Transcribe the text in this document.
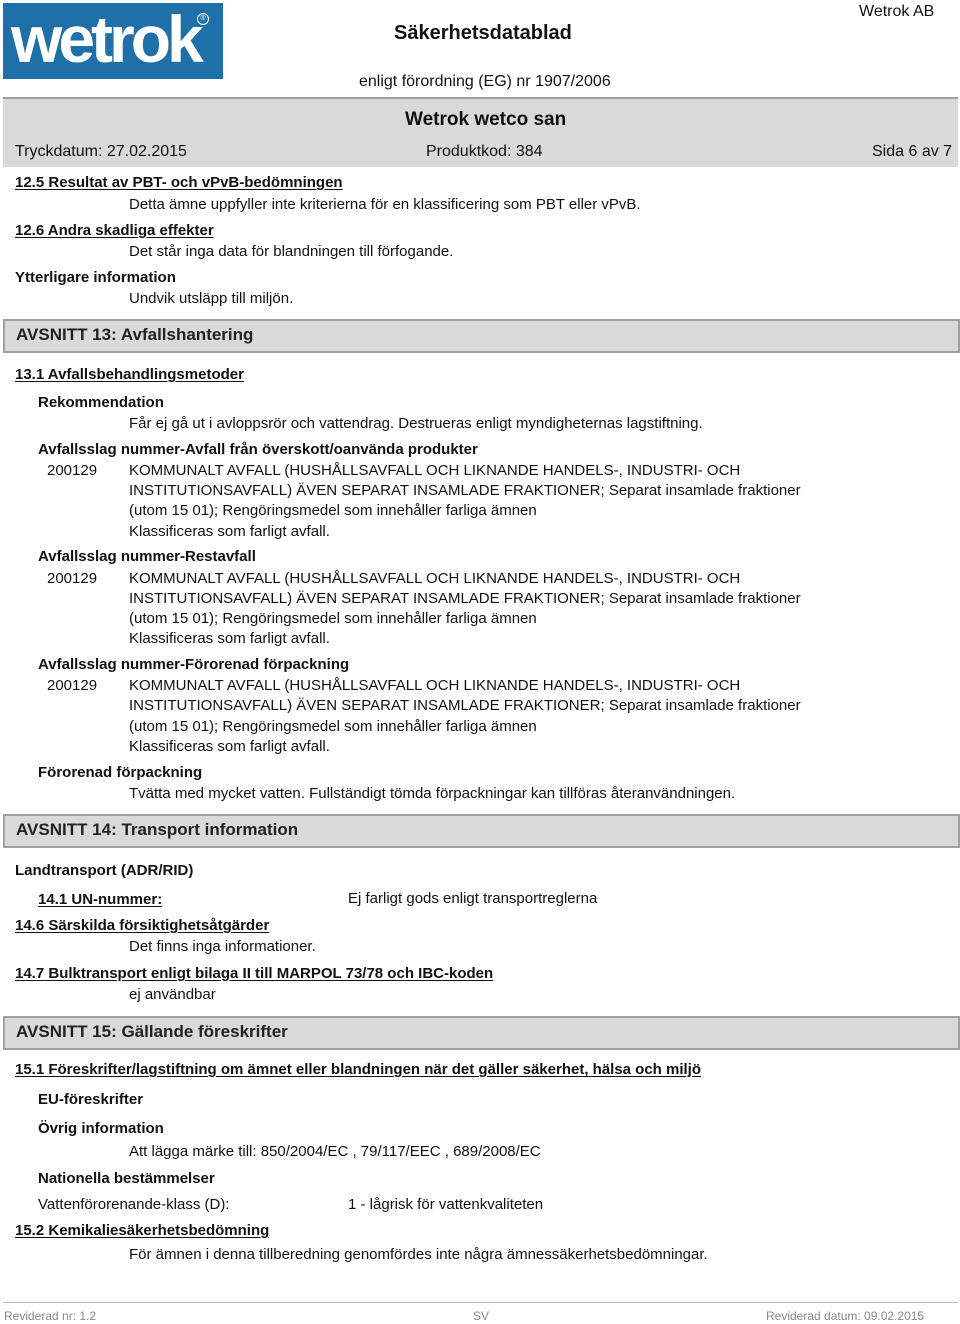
wetrok ®
Säkerhetsdatablad
Wetrok AB
enligt förordning (EG) nr 1907/2006
Wetrok wetco san
Tryckdatum: 27.02.2015	Produktkod: 384	Sida 6 av 7
12.5 Resultat av PBT- och vPvB-bedömningen
Detta ämne uppfyller inte kriterierna för en klassificering som PBT eller vPvB.
12.6 Andra skadliga effekter
Det står inga data för blandningen till förfogande.
Ytterligare information
Undvik utsläpp till miljön.
AVSNITT 13: Avfallshantering
13.1 Avfallsbehandlingsmetoder
Rekommendation
Får ej gå ut i avloppsrör och vattendrag. Destrueras enligt myndigheternas lagstiftning.
Avfallsslag nummer-Avfall från överskott/oanvända produkter
200129 KOMMUNALT AVFALL (HUSHÅLLSAVFALL OCH LIKNANDE HANDELS-, INDUSTRI- OCH
INSTITUTIONSAVFALL) ÄVEN SEPARAT INSAMLADE FRAKTIONER; Separat insamlade fraktioner
(utom 15 01); Rengöringsmedel som innehåller farliga ämnen
Klassificeras som farligt avfall.
Avfallsslag nummer-Restavfall
200129 KOMMUNALT AVFALL (HUSHÅLLSAVFALL OCH LIKNANDE HANDELS-, INDUSTRI- OCH
INSTITUTIONSAVFALL) ÄVEN SEPARAT INSAMLADE FRAKTIONER; Separat insamlade fraktioner
(utom 15 01); Rengöringsmedel som innehåller farliga ämnen
Klassificeras som farligt avfall.
Avfallsslag nummer-Förorenad förpackning
200129 KOMMUNALT AVFALL (HUSHÅLLSAVFALL OCH LIKNANDE HANDELS-, INDUSTRI- OCH
INSTITUTIONSAVFALL) ÄVEN SEPARAT INSAMLADE FRAKTIONER; Separat insamlade fraktioner
(utom 15 01); Rengöringsmedel som innehåller farliga ämnen
Klassificeras som farligt avfall.
Förorenad förpackning
Tvätta med mycket vatten. Fullständigt tömda förpackningar kan tillföras återanvändningen.
AVSNITT 14: Transport information
Landtransport (ADR/RID)
14.1 UN-nummer:	Ej farligt gods enligt transportreglerna
14.6 Särskilda försiktighetsåtgärder
Det finns inga informationer.
14.7 Bulktransport enligt bilaga II till MARPOL 73/78 och IBC-koden
ej användbar
AVSNITT 15: Gällande föreskrifter
15.1 Föreskrifter/lagstiftning om ämnet eller blandningen när det gäller säkerhet, hälsa och miljö
EU-föreskrifter
Övrig information
Att lägga märke till: 850/2004/EC , 79/117/EEC , 689/2008/EC
Nationella bestämmelser
Vattenförorenande-klass (D):	1 - lågrisk för vattenkvaliteten
15.2 Kemikaliesäkerhetsbedömning
För ämnen i denna tillberedning genomfördes inte några ämnessäkerhetsbedömningar.
Reviderad nr: 1.2	SV	Reviderad datum: 09.02.2015
